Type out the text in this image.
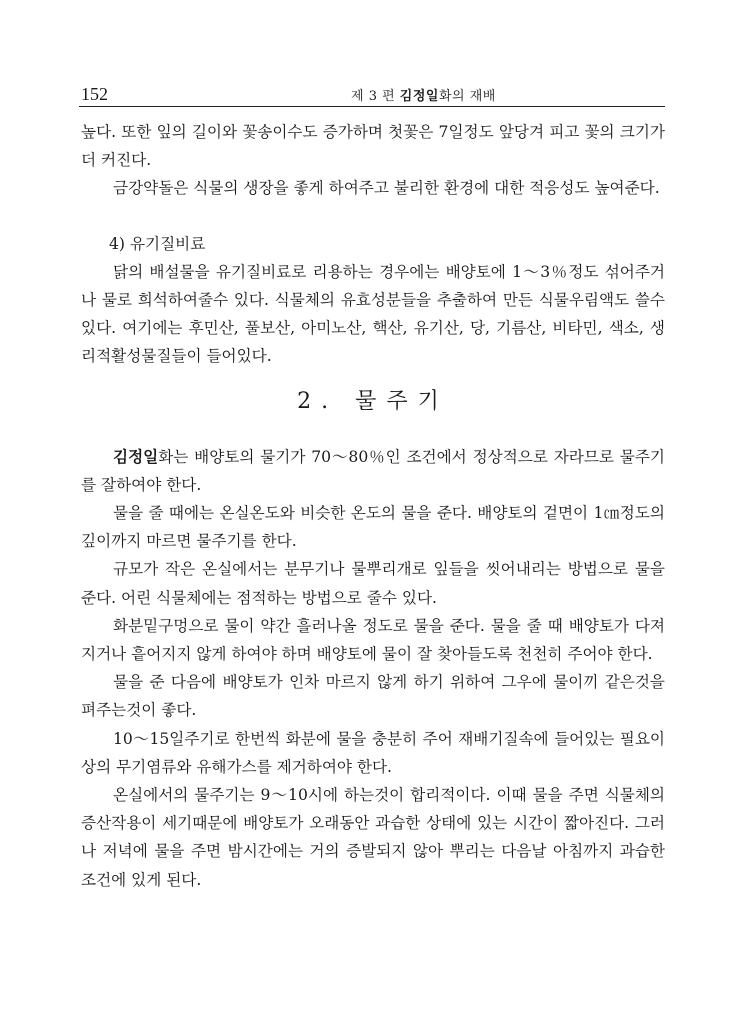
152	제 3 편 김정일화의 재배

높다. 또한 잎의 길이와 꽃송이수도 증가하며 첫꽃은 7일정도 앞당겨 피고 꽃의 크기가 더 커진다.

금강약돌은 식물의 생장을 좋게 하여주고 불리한 환경에 대한 적응성도 높여준다.

4) 유기질비료

닭의 배설물을 유기질비료로 리용하는 경우에는 배양토에 1～3％정도 섞어주거나 물로 희석하여줄수 있다. 식물체의 유효성분들을 추출하여 만든 식물우림액도 쓸수 있다. 여기에는 후민산, 풀보산, 아미노산, 핵산, 유기산, 당, 기름산, 비타민, 색소, 생리적활성물질들이 들어있다.

2. 물주기

김정일화는 배양토의 물기가 70～80％인 조건에서 정상적으로 자라므로 물주기를 잘하여야 한다.

물을 줄 때에는 온실온도와 비슷한 온도의 물을 준다. 배양토의 겉면이 1㎝정도의 깊이까지 마르면 물주기를 한다.

규모가 작은 온실에서는 분무기나 물뿌리개로 잎들을 씻어내리는 방법으로 물을 준다. 어린 식물체에는 점적하는 방법으로 줄수 있다.

화분밑구멍으로 물이 약간 흘러나올 정도로 물을 준다. 물을 줄 때 배양토가 다져지거나 흩어지지 않게 하여야 하며 배양토에 물이 잘 찾아들도록 천천히 주어야 한다.

물을 준 다음에 배양토가 인차 마르지 않게 하기 위하여 그우에 물이끼 같은것을 펴주는것이 좋다.

10～15일주기로 한번씩 화분에 물을 충분히 주어 재배기질속에 들어있는 필요이상의 무기염류와 유해가스를 제거하여야 한다.

온실에서의 물주기는 9～10시에 하는것이 합리적이다. 이때 물을 주면 식물체의 증산작용이 세기때문에 배양토가 오래동안 과습한 상태에 있는 시간이 짧아진다. 그러나 저녁에 물을 주면 밤시간에는 거의 증발되지 않아 뿌리는 다음날 아침까지 과습한 조건에 있게 된다.
